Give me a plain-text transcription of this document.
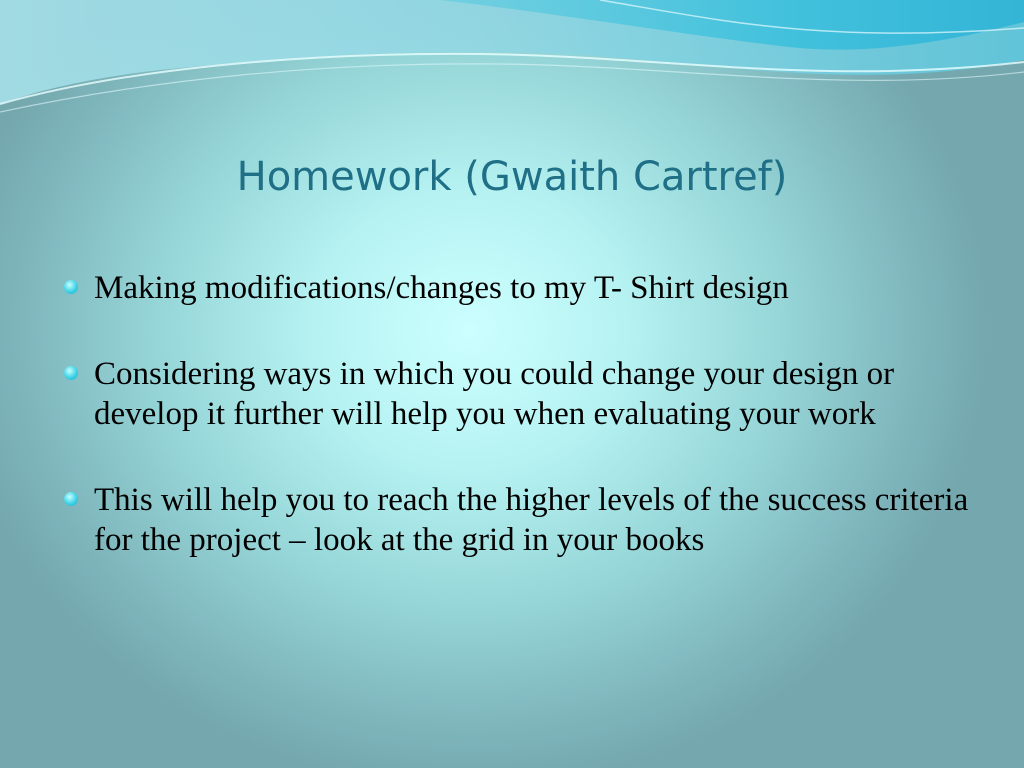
Homework (Gwaith Cartref)
Making modifications/changes to my T- Shirt design
Considering ways in which you could change your design or develop it further will help you when evaluating your work
This will help you to reach the higher levels of the success criteria for the project – look at the grid in your books
